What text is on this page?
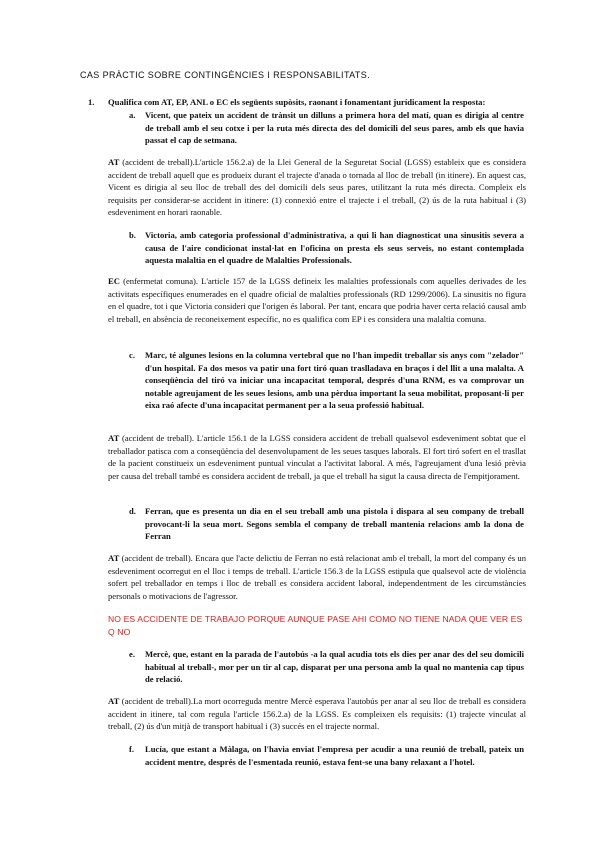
CAS PRÀCTIC SOBRE CONTINGÈNCIES I RESPONSABILITATS.
1. Qualifica com AT, EP, ANL o EC els següents supòsits, raonant i fonamentant jurídicament la resposta:
a.	Vicent, que pateix un accident de trànsit un dilluns a primera hora del matí, quan es dirigia al centre de treball amb el seu cotxe i per la ruta més directa des del domicili del seus pares, amb els que havia passat el cap de setmana.
AT (accident de treball).L'article 156.2.a) de la Llei General de la Seguretat Social (LGSS) estableix que es considera accident de treball aquell que es produeix durant el trajecte d'anada o tornada al lloc de treball (in itinere). En aquest cas, Vicent es dirigia al seu lloc de treball des del domicili dels seus pares, utilitzant la ruta més directa. Compleix els requisits per considerar-se accident in itinere: (1) connexió entre el trajecte i el treball, (2) ús de la ruta habitual i (3) esdeveniment en horari raonable.
b.	Victoria, amb categoria professional d'administrativa, a qui li han diagnosticat una sinusitis severa a causa de l'aire condicionat instal·lat en l'oficina on presta els seus serveis, no estant contemplada aquesta malaltia en el quadre de Malalties Professionals.
EC (enfermetat comuna). L'article 157 de la LGSS defineix les malalties professionals com aquelles derivades de les activitats específiques enumerades en el quadre oficial de malalties professionals (RD 1299/2006). La sinusitis no figura en el quadre, tot i que Victoria consideri que l'origen és laboral. Per tant, encara que podria haver certa relació causal amb el treball, en absència de reconeixement específic, no es qualifica com EP i es considera una malaltia comuna.
c.	Marc, té algunes lesions en la columna vertebral que no l'han impedit treballar sis anys com "zelador" d'un hospital. Fa dos mesos va patir una fort tiró quan traslladava en braços i del llit a una malalta. A conseqüència del tiró va iniciar una incapacitat temporal, després d'una RNM, es va comprovar un notable agreujament de les seues lesions, amb una pèrdua important la seua mobilitat, proposant-li per eixa raó afecte d'una incapacitat permanent per a la seua professió habitual.
AT (accident de treball). L'article 156.1 de la LGSS considera accident de treball qualsevol esdeveniment sobtat que el treballador patisca com a conseqüència del desenvolupament de les seues tasques laborals. El fort tiró sofert en el trasllat de la pacient constitueix un esdeveniment puntual vinculat a l'activitat laboral. A més, l'agreujament d'una lesió prèvia per causa del treball també es considera accident de treball, ja que el treball ha sigut la causa directa de l'empitjorament.
d.	Ferran, que es presenta un dia en el seu treball amb una pistola i dispara al seu company de treball provocant-li la seua mort. Segons sembla el company de treball mantenia relacions amb la dona de Ferran
AT (accident de treball). Encara que l'acte delictiu de Ferran no està relacionat amb el treball, la mort del company és un esdeveniment ocorregut en el lloc i temps de treball. L'article 156.3 de la LGSS estipula que qualsevol acte de violència sofert pel treballador en temps i lloc de treball es considera accident laboral, independentment de les circumstàncies personals o motivacions de l'agressor.
NO ES ACCIDENTE DE TRABAJO PORQUE AUNQUE PASE AHI COMO NO TIENE NADA QUE VER ES Q NO
e.	Mercè, que, estant en la parada de l'autobús -a la qual acudia tots els dies per anar des del seu domicili habitual al treball-, mor per un tir al cap, disparat per una persona amb la qual no mantenia cap tipus de relació.
AT (accident de treball).La mort ocorreguda mentre Mercè esperava l'autobús per anar al seu lloc de treball es considera accident in itinere, tal com regula l'article 156.2.a) de la LGSS. Es compleixen els requisits: (1) trajecte vinculat al treball, (2) ús d'un mitjà de transport habitual i (3) succés en el trajecte normal.
f.	Lucía, que estant a Màlaga, on l'havia enviat l'empresa per acudir a una reunió de treball, pateix un accident mentre, després de l'esmentada reunió, estava fent-se una bany relaxant a l'hotel.
